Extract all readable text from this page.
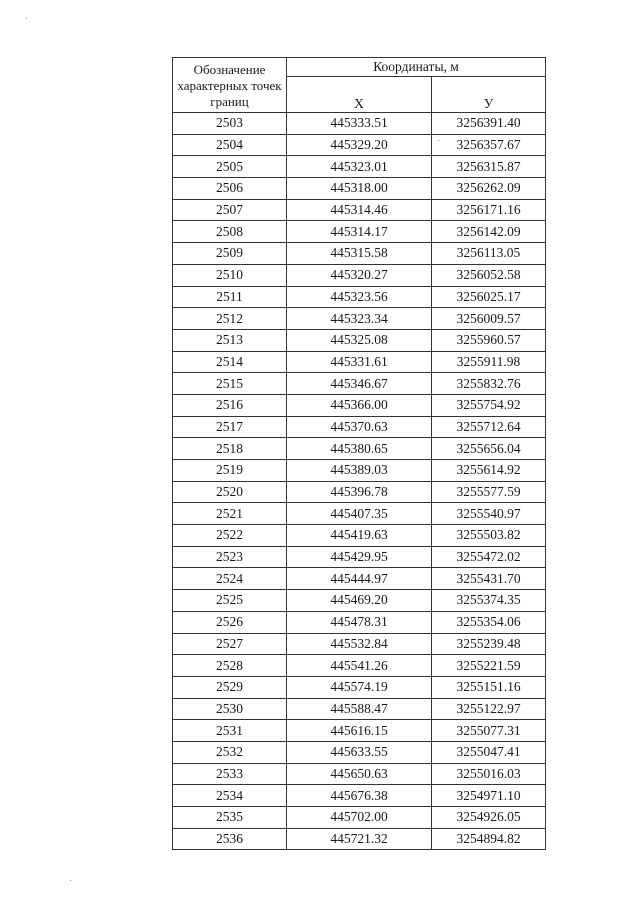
Обозначение характерных точек границ	Координаты, м	
	X	У
2503	445333.51	3256391.40
2504	445329.20	3256357.67
2505	445323.01	3256315.87
2506	445318.00	3256262.09
2507	445314.46	3256171.16
2508	445314.17	3256142.09
2509	445315.58	3256113.05
2510	445320.27	3256052.58
2511	445323.56	3256025.17
2512	445323.34	3256009.57
2513	445325.08	3255960.57
2514	445331.61	3255911.98
2515	445346.67	3255832.76
2516	445366.00	3255754.92
2517	445370.63	3255712.64
2518	445380.65	3255656.04
2519	445389.03	3255614.92
2520	445396.78	3255577.59
2521	445407.35	3255540.97
2522	445419.63	3255503.82
2523	445429.95	3255472.02
2524	445444.97	3255431.70
2525	445469.20	3255374.35
2526	445478.31	3255354.06
2527	445532.84	3255239.48
2528	445541.26	3255221.59
2529	445574.19	3255151.16
2530	445588.47	3255122.97
2531	445616.15	3255077.31
2532	445633.55	3255047.41
2533	445650.63	3255016.03
2534	445676.38	3254971.10
2535	445702.00	3254926.05
2536	445721.32	3254894.82
